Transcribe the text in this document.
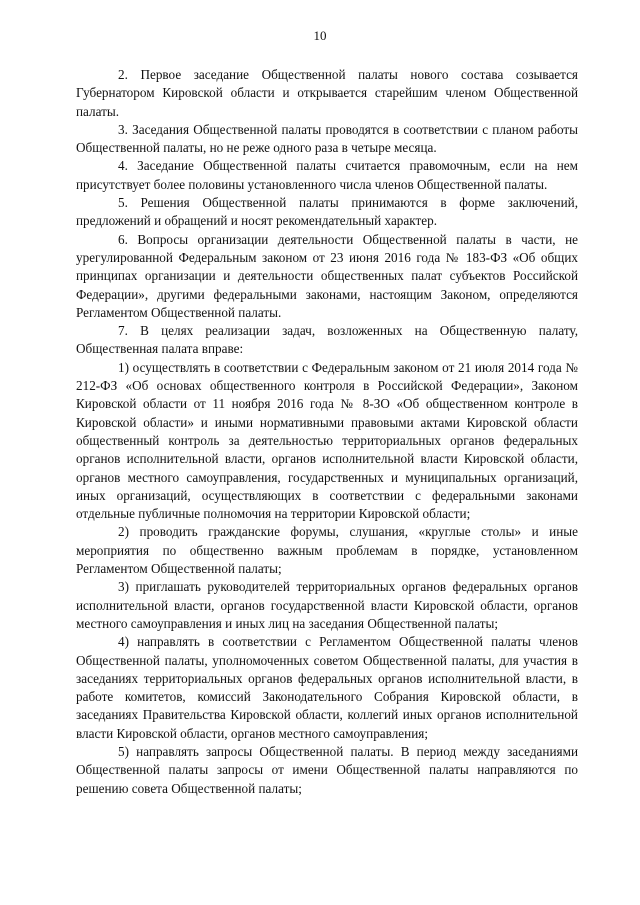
10

2. Первое заседание Общественной палаты нового состава созывается Губернатором Кировской области и открывается старейшим членом Общественной палаты.

3. Заседания Общественной палаты проводятся в соответствии с планом работы Общественной палаты, но не реже одного раза в четыре месяца.

4. Заседание Общественной палаты считается правомочным, если на нем присутствует более половины установленного числа членов Общественной палаты.

5. Решения Общественной палаты принимаются в форме заключений, предложений и обращений и носят рекомендательный характер.

6. Вопросы организации деятельности Общественной палаты в части, не урегулированной Федеральным законом от 23 июня 2016 года № 183-ФЗ «Об общих принципах организации и деятельности общественных палат субъектов Российской Федерации», другими федеральными законами, настоящим Законом, определяются Регламентом Общественной палаты.

7. В целях реализации задач, возложенных на Общественную палату, Общественная палата вправе:

1) осуществлять в соответствии с Федеральным законом от 21 июля 2014 года № 212-ФЗ «Об основах общественного контроля в Российской Федерации», Законом Кировской области от 11 ноября 2016 года № 8-ЗО «Об общественном контроле в Кировской области» и иными нормативными правовыми актами Кировской области общественный контроль за деятельностью территориальных органов федеральных органов исполнительной власти, органов исполнительной власти Кировской области, органов местного самоуправления, государственных и муниципальных организаций, иных организаций, осуществляющих в соответствии с федеральными законами отдельные публичные полномочия на территории Кировской области;

2) проводить гражданские форумы, слушания, «круглые столы» и иные мероприятия по общественно важным проблемам в порядке, установленном Регламентом Общественной палаты;

3) приглашать руководителей территориальных органов федеральных органов исполнительной власти, органов государственной власти Кировской области, органов местного самоуправления и иных лиц на заседания Общественной палаты;

4) направлять в соответствии с Регламентом Общественной палаты членов Общественной палаты, уполномоченных советом Общественной палаты, для участия в заседаниях территориальных органов федеральных органов исполнительной власти, в работе комитетов, комиссий Законодательного Собрания Кировской области, в заседаниях Правительства Кировской области, коллегий иных органов исполнительной власти Кировской области, органов местного самоуправления;

5) направлять запросы Общественной палаты. В период между заседаниями Общественной палаты запросы от имени Общественной палаты направляются по решению совета Общественной палаты;
